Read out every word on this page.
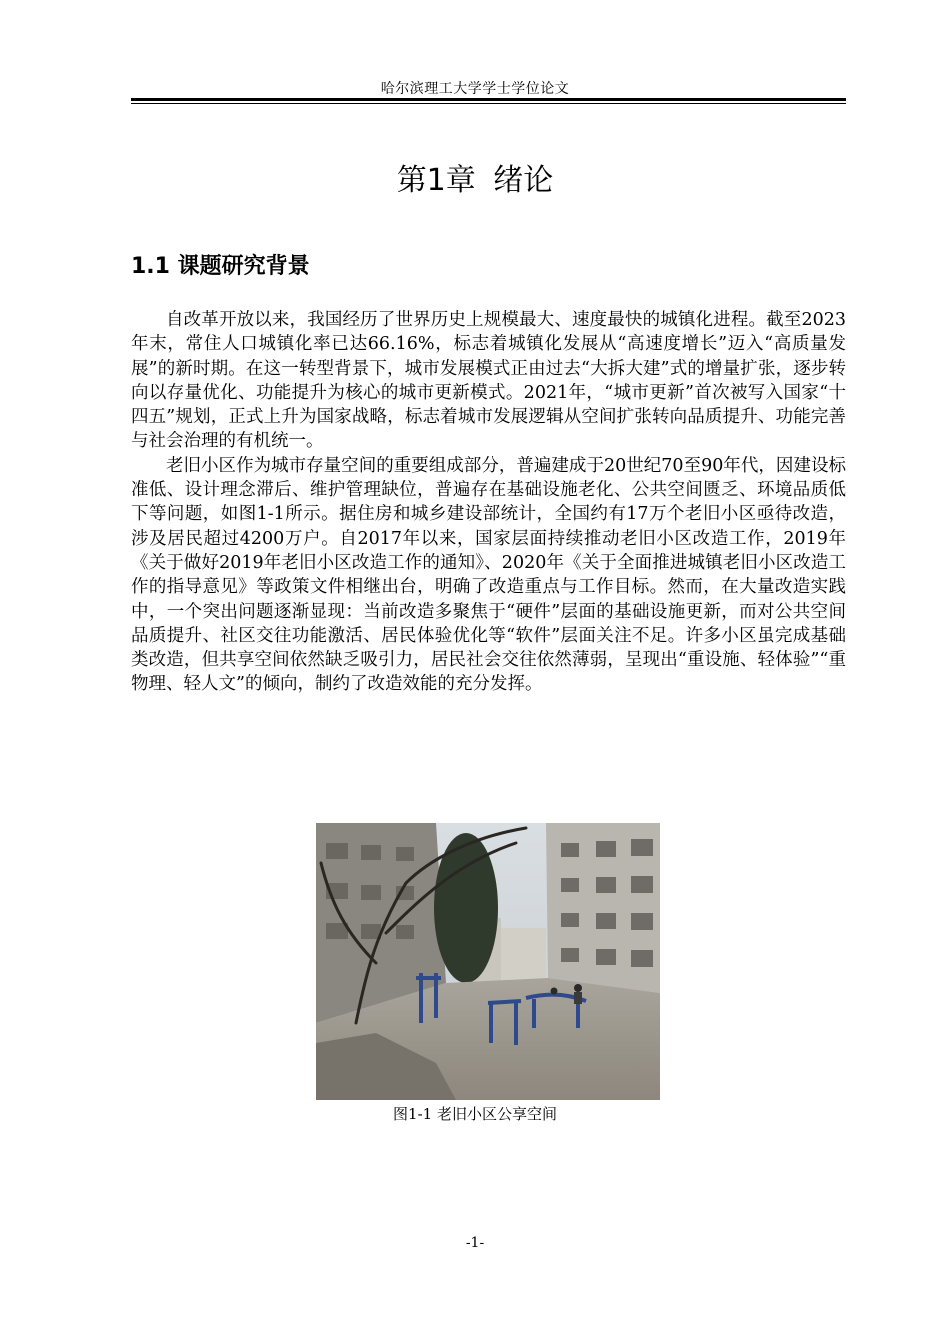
哈尔滨理工大学学士学位论文
第1章 绪论
1.1 课题研究背景

自改革开放以来，我国经历了世界历史上规模最大、速度最快的城镇化进程。截至2023年末，常住人口城镇化率已达66.16%，标志着城镇化发展从“高速度增长”迈入“高质量发展”的新时期。在这一转型背景下，城市发展模式正由过去“大拆大建”式的增量扩张，逐步转向以存量优化、功能提升为核心的城市更新模式。2021年，“城市更新”首次被写入国家“十四五”规划，正式上升为国家战略，标志着城市发展逻辑从空间扩张转向品质提升、功能完善与社会治理的有机统一。

老旧小区作为城市存量空间的重要组成部分，普遍建成于20世纪70至90年代，因建设标准低、设计理念滞后、维护管理缺位，普遍存在基础设施老化、公共空间匮乏、环境品质低下等问题，如图1-1所示。据住房和城乡建设部统计，全国约有17万个老旧小区亟待改造，涉及居民超过4200万户。自2017年以来，国家层面持续推动老旧小区改造工作，2019年《关于做好2019年老旧小区改造工作的通知》、2020年《关于全面推进城镇老旧小区改造工作的指导意见》等政策文件相继出台，明确了改造重点与工作目标。然而，在大量改造实践中，一个突出问题逐渐显现：当前改造多聚焦于“硬件”层面的基础设施更新，而对公共空间品质提升、社区交往功能激活、居民体验优化等“软件”层面关注不足。许多小区虽完成基础类改造，但共享空间依然缺乏吸引力，居民社会交往依然薄弱，呈现出“重设施、轻体验”“重物理、轻人文”的倾向，制约了改造效能的充分发挥。

图1-1 老旧小区公享空间
-1-
